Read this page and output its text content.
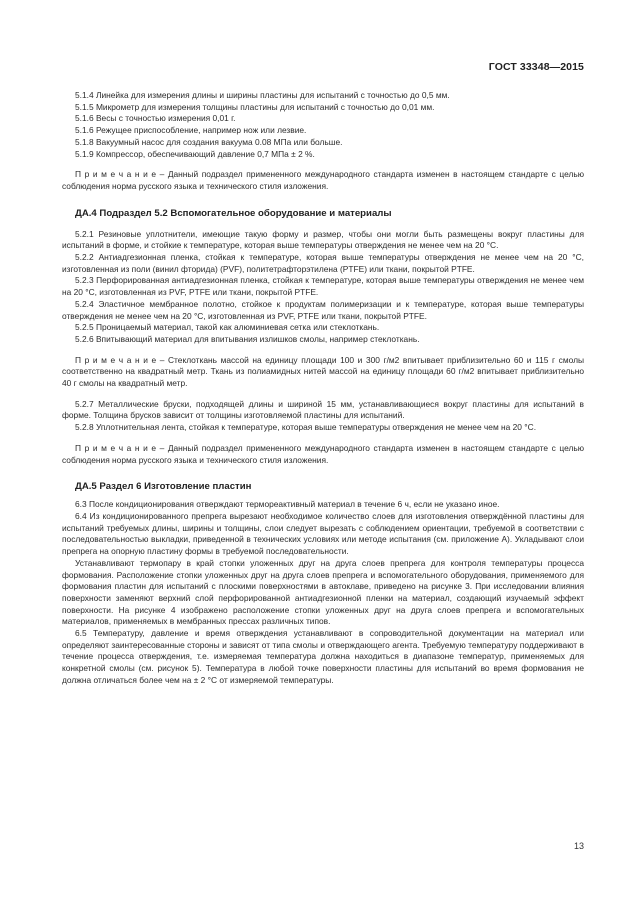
ГОСТ 33348—2015

5.1.4 Линейка для измерения длины и ширины пластины для испытаний с точностью до 0,5 мм.

5.1.5 Микрометр для измерения толщины пластины для испытаний с точностью до 0,01 мм.

5.1.6 Весы с точностью измерения 0,01 г.

5.1.6 Режущее приспособление, например нож или лезвие.

5.1.8 Вакуумный насос для создания вакуума 0.08 МПа или больше.

5.1.9 Компрессор, обеспечивающий давление 0,7 МПа ± 2 %.

П р и м е ч а н и е – Данный подраздел примененного международного стандарта изменен в настоящем стандарте с целью соблюдения норма русского языка и технического стиля изложения.

ДА.4 Подраздел 5.2 Вспомогательное оборудование и материалы

5.2.1 Резиновые уплотнители, имеющие такую форму и размер, чтобы они могли быть размещены вокруг пластины для испытаний в форме, и стойкие к температуре, которая выше температуры отверждения не менее чем на 20 °C.

5.2.2 Антиадгезионная пленка, стойкая к температуре, которая выше температуры отверждения не менее чем на 20 °C, изготовленная из поли (винил фторида) (PVF), политетрафторэтилена (PTFE) или ткани, покрытой PTFE.

5.2.3 Перфорированная антиадгезионная пленка, стойкая к температуре, которая выше температуры отверждения не менее чем на 20 °C, изготовленная из PVF, PTFE или ткани, покрытой PTFE.

5.2.4 Эластичное мембранное полотно, стойкое к продуктам полимеризации и к температуре, которая выше температуры отверждения не менее чем на 20 °C, изготовленная из PVF, PTFE или ткани, покрытой PTFE.

5.2.5 Проницаемый материал, такой как алюминиевая сетка или стеклоткань.

5.2.6 Впитывающий материал для впитывания излишков смолы, например стеклоткань.

П р и м е ч а н и е – Стеклоткань массой на единицу площади 100 и 300 г/м2 впитывает приблизительно 60 и 115 г смолы соответственно на квадратный метр. Ткань из полиамидных нитей массой на единицу площади 60 г/м2 впитывает приблизительно 40 г смолы на квадратный метр.

5.2.7 Металлические бруски, подходящей длины и шириной 15 мм, устанавливающиеся вокруг пластины для испытаний в форме. Толщина брусков зависит от толщины изготовляемой пластины для испытаний.

5.2.8 Уплотнительная лента, стойкая к температуре, которая выше температуры отверждения не менее чем на 20 °C.

П р и м е ч а н и е – Данный подраздел примененного международного стандарта изменен в настоящем стандарте с целью соблюдения норма русского языка и технического стиля изложения.

ДА.5 Раздел 6 Изготовление пластин

6.3 После кондиционирования отверждают термореактивный материал в течение 6 ч, если не указано иное.

6.4 Из кондиционированного препрега вырезают необходимое количество слоев для изготовления отверждённой пластины для испытаний требуемых длины, ширины и толщины, слои следует вырезать с соблюдением ориентации, требуемой в соответствии с последовательностью выкладки, приведенной в технических условиях или методе испытания (см. приложение А). Укладывают слои препрега на опорную пластину формы в требуемой последовательности.

Устанавливают термопару в край стопки уложенных друг на друга слоев препрега для контроля температуры процесса формования. Расположение стопки уложенных друг на друга слоев препрега и вспомогательного оборудования, применяемого для формования пластин для испытаний с плоскими поверхностями в автоклаве, приведено на рисунке 3. При исследовании влияния поверхности заменяют верхний слой перфорированной антиадгезионной пленки на материал, создающий изучаемый эффект поверхности. На рисунке 4 изображено расположение стопки уложенных друг на друга слоев препрега и вспомогательных материалов, применяемых в мембранных прессах различных типов.

6.5 Температуру, давление и время отверждения устанавливают в сопроводительной документации на материал или определяют заинтересованные стороны и зависят от типа смолы и отверждающего агента. Требуемую температуру поддерживают в течение процесса отверждения, т.е. измеряемая температура должна находиться в диапазоне температур, применяемых для конкретной смолы (см. рисунок 5). Температура в любой точке поверхности пластины для испытаний во время формования не должна отличаться более чем на ± 2 °C от измеряемой температуры.

13
